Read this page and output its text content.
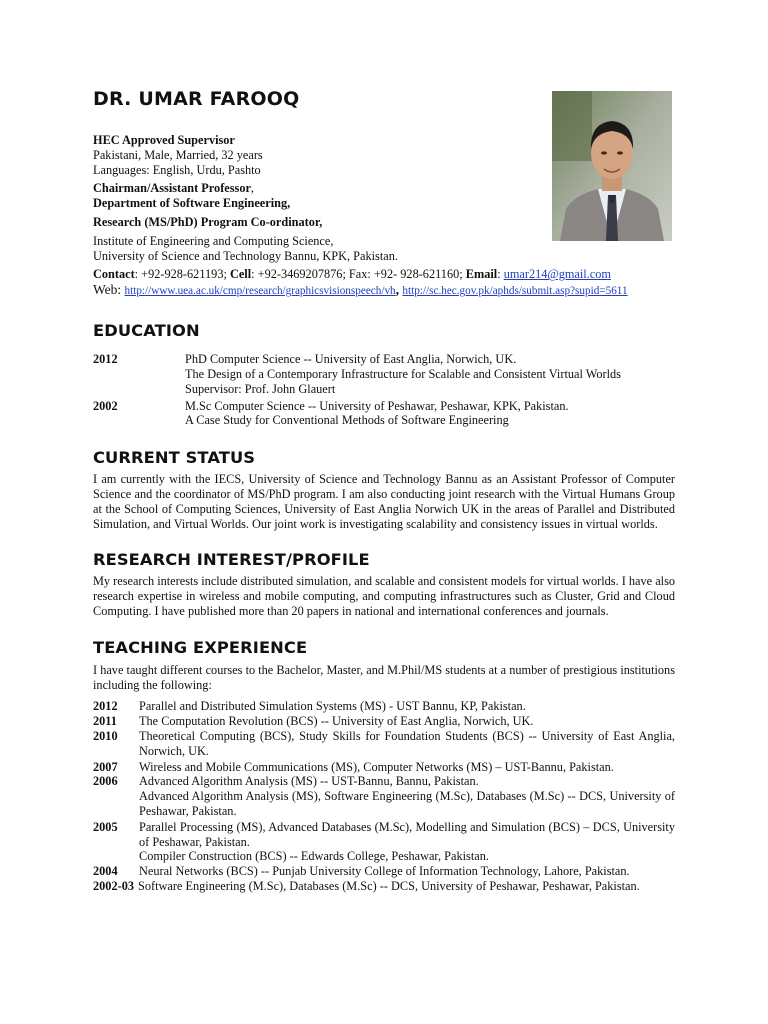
DR. UMAR FAROOQ
HEC Approved Supervisor
Pakistani, Male, Married, 32 years
Languages: English, Urdu, Pashto
Chairman/Assistant Professor,
Department of Software Engineering,
Research (MS/PhD) Program Co-ordinator,
Institute of Engineering and Computing Science,
University of Science and Technology Bannu, KPK, Pakistan.
Contact: +92-928-621193; Cell: +92-3469207876; Fax: +92- 928-621160; Email: umar214@gmail.com
Web: http://www.uea.ac.uk/cmp/research/graphicsvisionspeech/vh, http://sc.hec.gov.pk/aphds/submit.asp?supid=5611
EDUCATION
2012	PhD Computer Science -- University of East Anglia, Norwich, UK.
The Design of a Contemporary Infrastructure for Scalable and Consistent Virtual Worlds
Supervisor: Prof. John Glauert
2002	M.Sc Computer Science -- University of Peshawar, Peshawar, KPK, Pakistan.
A Case Study for Conventional Methods of Software Engineering
CURRENT STATUS
I am currently with the IECS, University of Science and Technology Bannu as an Assistant Professor of Computer Science and the coordinator of MS/PhD program. I am also conducting joint research with the Virtual Humans Group at the School of Computing Sciences, University of East Anglia Norwich UK in the areas of Parallel and Distributed Simulation, and Virtual Worlds. Our joint work is investigating scalability and consistency issues in virtual worlds.
RESEARCH INTEREST/PROFILE
My research interests include distributed simulation, and scalable and consistent models for virtual worlds. I have also research expertise in wireless and mobile computing, and computing infrastructures such as Cluster, Grid and Cloud Computing. I have published more than 20 papers in national and international conferences and journals.
TEACHING EXPERIENCE
I have taught different courses to the Bachelor, Master, and M.Phil/MS students at a number of prestigious institutions including the following:
2012	Parallel and Distributed Simulation Systems (MS) - UST Bannu, KP, Pakistan.
2011	The Computation Revolution (BCS) -- University of East Anglia, Norwich, UK.
2010	Theoretical Computing (BCS), Study Skills for Foundation Students (BCS) -- University of East Anglia, Norwich, UK.
2007	Wireless and Mobile Communications (MS), Computer Networks (MS) – UST-Bannu, Pakistan.
2006	Advanced Algorithm Analysis (MS) -- UST-Bannu, Bannu, Pakistan.
Advanced Algorithm Analysis (MS), Software Engineering (M.Sc), Databases (M.Sc) -- DCS, University of Peshawar, Pakistan.
2005	Parallel Processing (MS), Advanced Databases (M.Sc), Modelling and Simulation (BCS) – DCS, University of Peshawar, Pakistan.
Compiler Construction (BCS) -- Edwards College, Peshawar, Pakistan.
2004	Neural Networks (BCS) -- Punjab University College of Information Technology, Lahore, Pakistan.
2002-03 Software Engineering (M.Sc), Databases (M.Sc) -- DCS, University of Peshawar, Peshawar, Pakistan.
